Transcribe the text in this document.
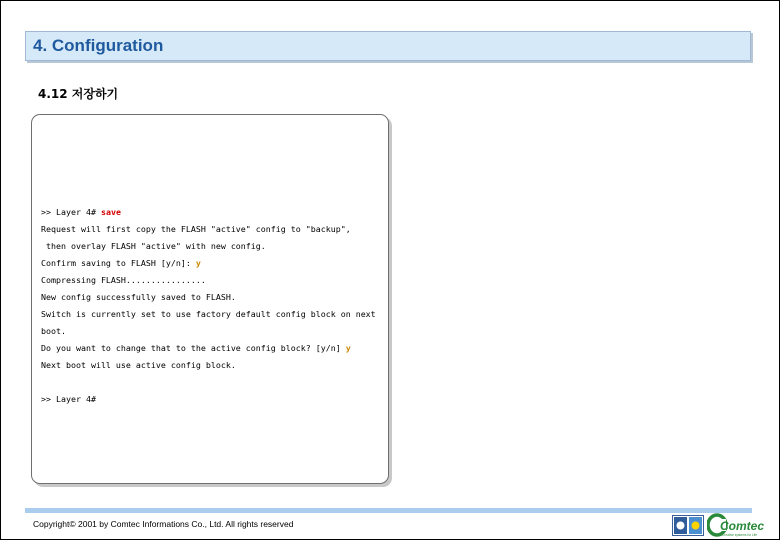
4. Configuration
4.12 저장하기
>> Layer 4# save
Request will first copy the FLASH "active" config to "backup",
then overlay FLASH "active" with new config.
Confirm saving to FLASH [y/n]: y
Compressing FLASH................
New config successfully saved to FLASH.
Switch is currently set to use factory default config block on next
boot.
Do you want to change that to the active config block? [y/n] y
Next boot will use active config block.
>> Layer 4#
Copyright© 2001 by Comtec Informations Co., Ltd. All rights reserved	Comtec
Creative systems for Life
